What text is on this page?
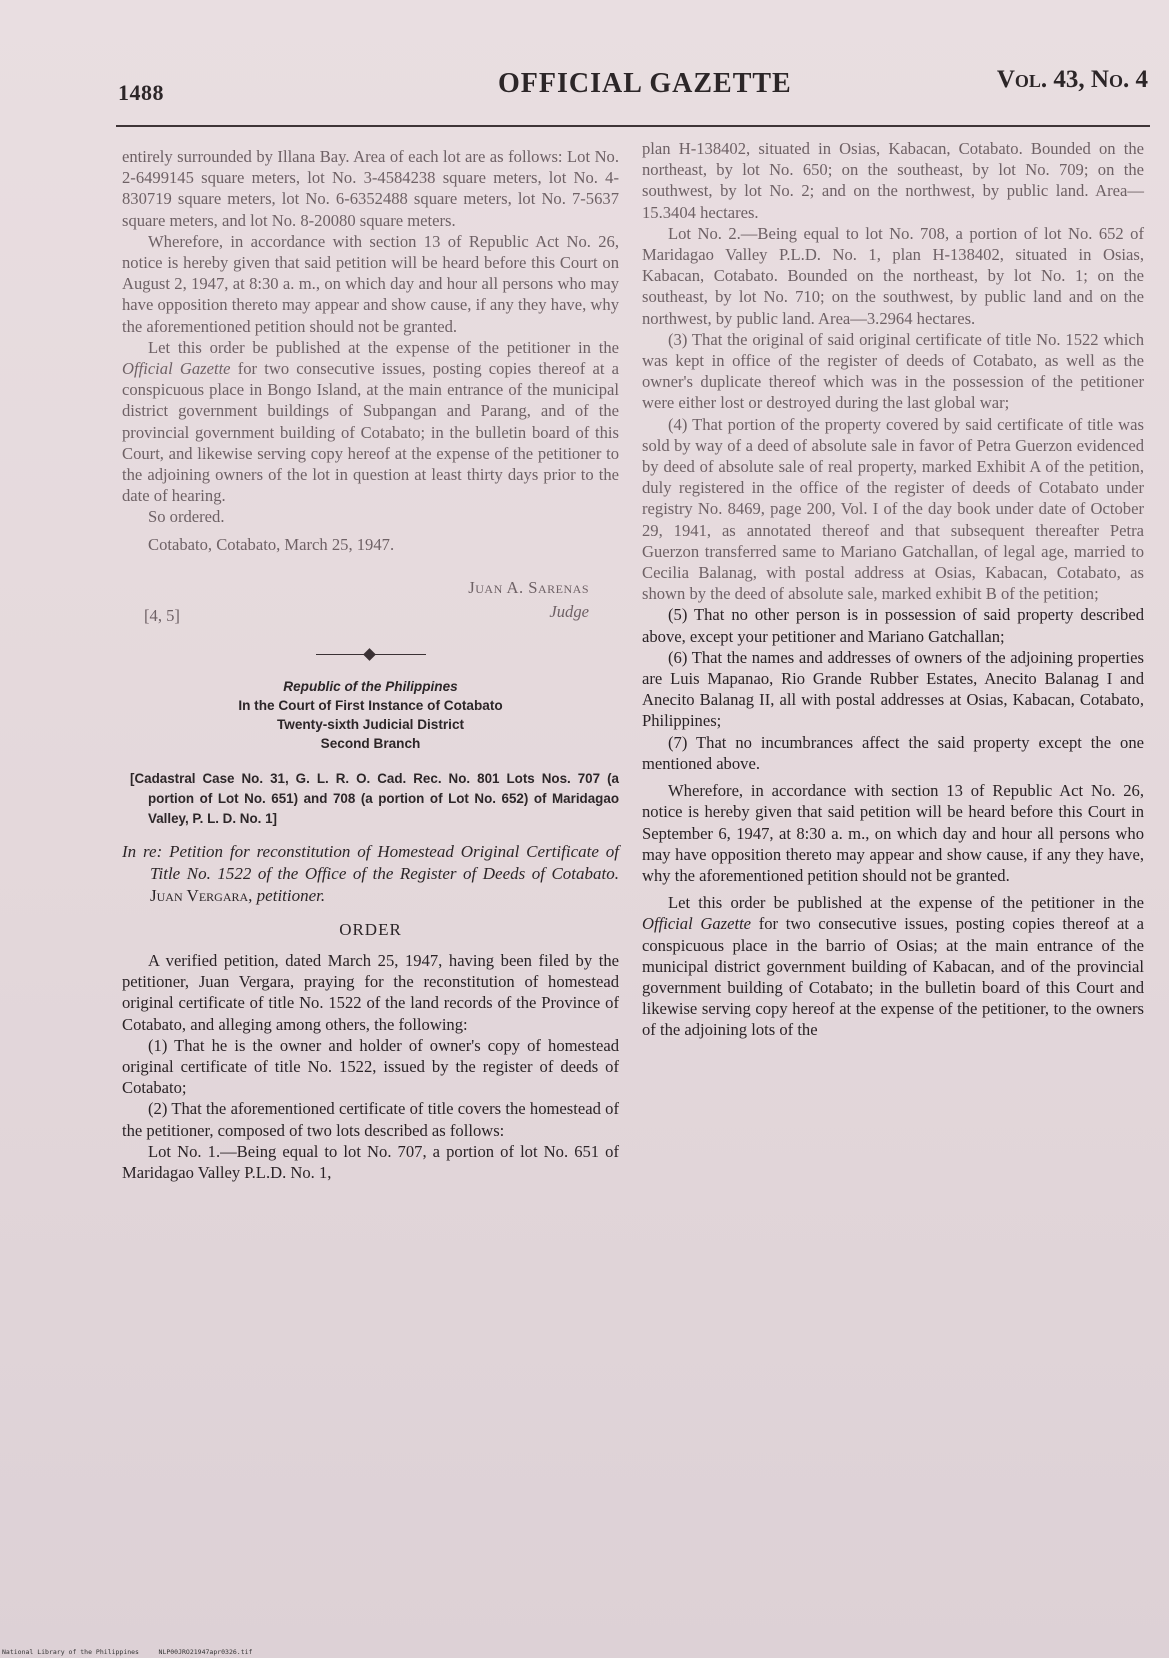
1488	OFFICIAL GAZETTE	Vol. 43, No. 4

entirely surrounded by Illana Bay. Area of each lot are as follows: Lot No. 2-6499145 square meters, lot No. 3-4584238 square meters, lot No. 4-830719 square meters, lot No. 6-6352488 square meters, lot No. 7-5637 square meters, and lot No. 8-20080 square meters.

Wherefore, in accordance with section 13 of Republic Act No. 26, notice is hereby given that said petition will be heard before this Court on August 2, 1947, at 8:30 a. m., on which day and hour all persons who may have opposition thereto may appear and show cause, if any they have, why the aforementioned petition should not be granted.

Let this order be published at the expense of the petitioner in the Official Gazette for two consecutive issues, posting copies thereof at a conspicuous place in Bongo Island, at the main entrance of the municipal district government buildings of Subpangan and Parang, and of the provincial government building of Cotabato; in the bulletin board of this Court, and likewise serving copy hereof at the expense of the petitioner to the adjoining owners of the lot in question at least thirty days prior to the date of hearing.

So ordered.

Cotabato, Cotabato, March 25, 1947.

Juan A. Sarenas
Judge
[4, 5]
Republic of the Philippines
In the Court of First Instance of Cotabato
Twenty-sixth Judicial District
Second Branch
[Cadastral Case No. 31, G. L. R. O. Cad. Rec. No. 801 Lots Nos. 707 (a portion of Lot No. 651) and 708 (a portion of Lot No. 652) of Maridagao Valley, P. L. D. No. 1]
In re: Petition for reconstitution of Homestead Original Certificate of Title No. 1522 of the Office of the Register of Deeds of Cotabato. Juan Vergara, petitioner.
ORDER

A verified petition, dated March 25, 1947, having been filed by the petitioner, Juan Vergara, praying for the reconstitution of homestead original certificate of title No. 1522 of the land records of the Province of Cotabato, and alleging among others, the following:

(1) That he is the owner and holder of owner's copy of homestead original certificate of title No. 1522, issued by the register of deeds of Cotabato;

(2) That the aforementioned certificate of title covers the homestead of the petitioner, composed of two lots described as follows:

Lot No. 1.—Being equal to lot No. 707, a portion of lot No. 651 of Maridagao Valley P.L.D. No. 1,

plan H-138402, situated in Osias, Kabacan, Cotabato. Bounded on the northeast, by lot No. 650; on the southeast, by lot No. 709; on the southwest, by lot No. 2; and on the northwest, by public land. Area—15.3404 hectares.

Lot No. 2.—Being equal to lot No. 708, a portion of lot No. 652 of Maridagao Valley P.L.D. No. 1, plan H-138402, situated in Osias, Kabacan, Cotabato. Bounded on the northeast, by lot No. 1; on the southeast, by lot No. 710; on the southwest, by public land and on the northwest, by public land. Area—3.2964 hectares.

(3) That the original of said original certificate of title No. 1522 which was kept in office of the register of deeds of Cotabato, as well as the owner's duplicate thereof which was in the possession of the petitioner were either lost or destroyed during the last global war;

(4) That portion of the property covered by said certificate of title was sold by way of a deed of absolute sale in favor of Petra Guerzon evidenced by deed of absolute sale of real property, marked Exhibit A of the petition, duly registered in the office of the register of deeds of Cotabato under registry No. 8469, page 200, Vol. I of the day book under date of October 29, 1941, as annotated thereof and that subsequent thereafter Petra Guerzon transferred same to Mariano Gatchallan, of legal age, married to Cecilia Balanag, with postal address at Osias, Kabacan, Cotabato, as shown by the deed of absolute sale, marked exhibit B of the petition;

(5) That no other person is in possession of said property described above, except your petitioner and Mariano Gatchallan;

(6) That the names and addresses of owners of the adjoining properties are Luis Mapanao, Rio Grande Rubber Estates, Anecito Balanag I and Anecito Balanag II, all with postal addresses at Osias, Kabacan, Cotabato, Philippines;

(7) That no incumbrances affect the said property except the one mentioned above.

Wherefore, in accordance with section 13 of Republic Act No. 26, notice is hereby given that said petition will be heard before this Court in September 6, 1947, at 8:30 a. m., on which day and hour all persons who may have opposition thereto may appear and show cause, if any they have, why the aforementioned petition should not be granted.

Let this order be published at the expense of the petitioner in the Official Gazette for two consecutive issues, posting copies thereof at a conspicuous place in the barrio of Osias; at the main entrance of the municipal district government building of Kabacan, and of the provincial government building of Cotabato; in the bulletin board of this Court and likewise serving copy hereof at the expense of the petitioner, to the owners of the adjoining lots of the

National Library of the Philippines     NLP00JRO21947apr0326.tif
